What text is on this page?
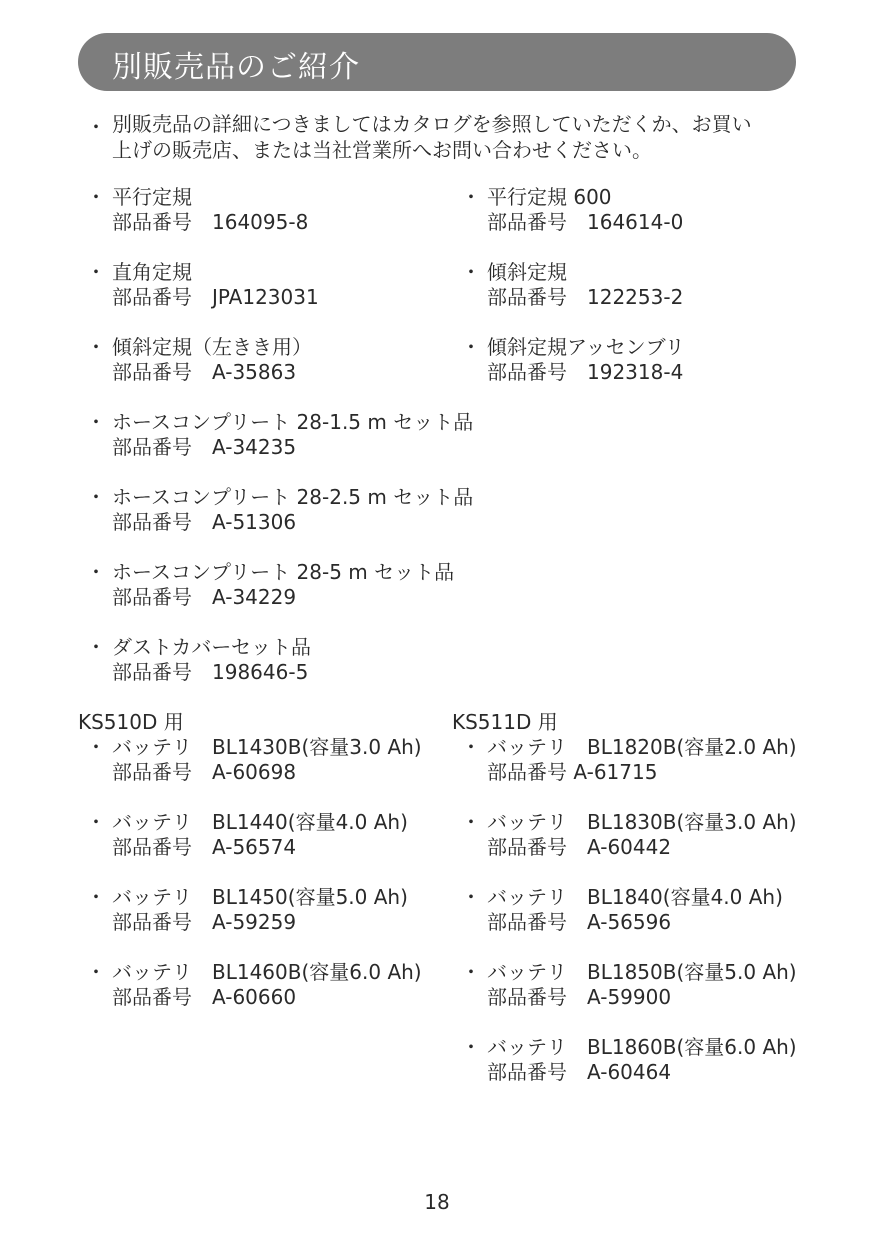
別販売品のご紹介
・ 別販売品の詳細につきましてはカタログを参照していただくか、お買い
上げの販売店、または当社営業所へお問い合わせください。
・ 平行定規
部品番号　164095-8
・ 平行定規 600
部品番号　164614-0
・ 直角定規
部品番号　JPA123031
・ 傾斜定規
部品番号　122253-2
・ 傾斜定規（左きき用）
部品番号　A-35863
・ 傾斜定規アッセンブリ
部品番号　192318-4
・ ホースコンプリート 28-1.5 m セット品
部品番号　A-34235
・ ホースコンプリート 28-2.5 m セット品
部品番号　A-51306
・ ホースコンプリート 28-5 m セット品
部品番号　A-34229
・ ダストカバーセット品
部品番号　198646-5
KS510D 用
・ バッテリ　BL1430B(容量3.0 Ah)
部品番号　A-60698
・ バッテリ　BL1440(容量4.0 Ah)
部品番号　A-56574
・ バッテリ　BL1450(容量5.0 Ah)
部品番号　A-59259
・ バッテリ　BL1460B(容量6.0 Ah)
部品番号　A-60660
KS511D 用
・ バッテリ　BL1820B(容量2.0 Ah)
部品番号 A-61715
・ バッテリ　BL1830B(容量3.0 Ah)
部品番号　A-60442
・ バッテリ　BL1840(容量4.0 Ah)
部品番号　A-56596
・ バッテリ　BL1850B(容量5.0 Ah)
部品番号　A-59900
・ バッテリ　BL1860B(容量6.0 Ah)
部品番号　A-60464
18
